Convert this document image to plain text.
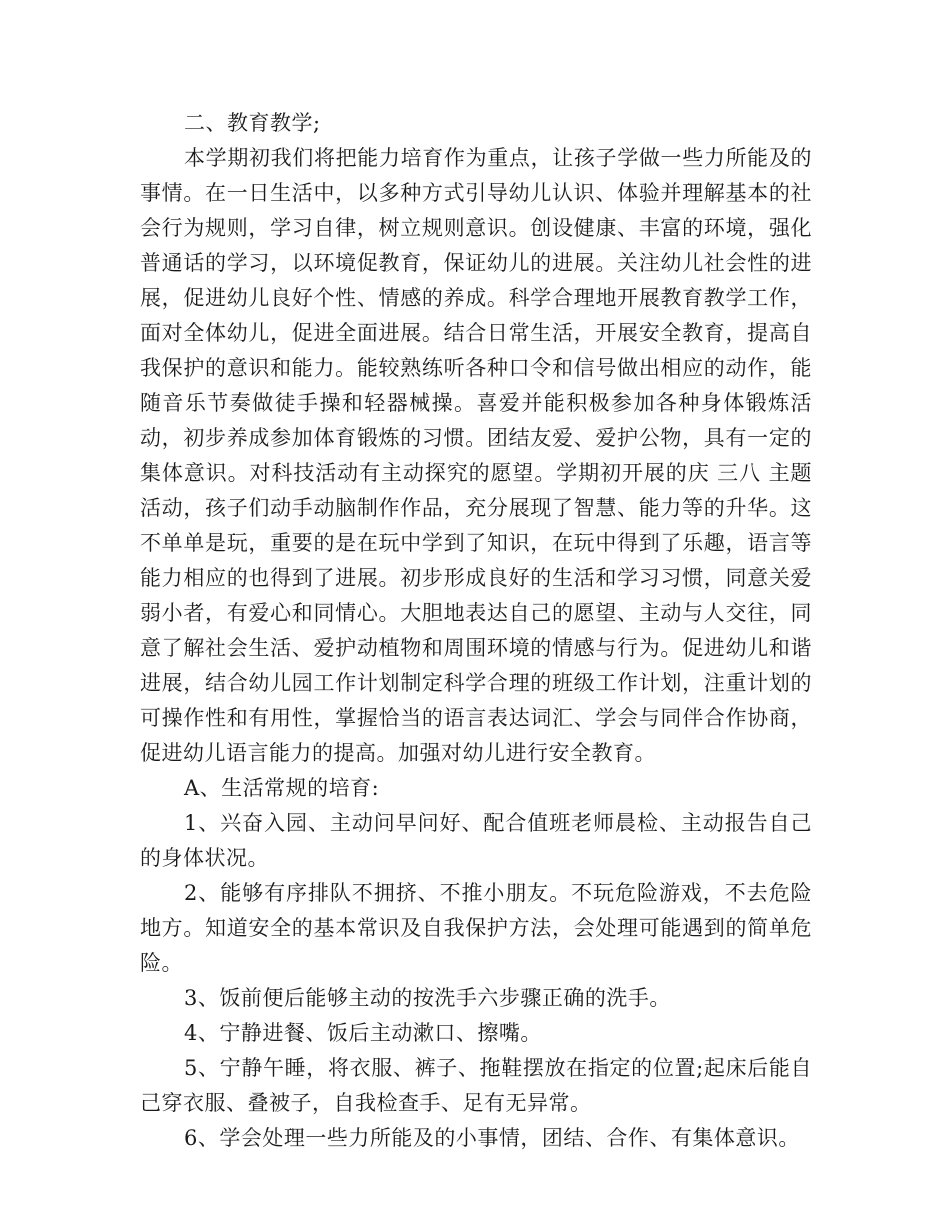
二、教育教学;

本学期初我们将把能力培育作为重点，让孩子学做一些力所能及的事情。在一日生活中，以多种方式引导幼儿认识、体验并理解基本的社会行为规则，学习自律，树立规则意识。创设健康、丰富的环境，强化普通话的学习，以环境促教育，保证幼儿的进展。关注幼儿社会性的进展，促进幼儿良好个性、情感的养成。科学合理地开展教育教学工作，面对全体幼儿，促进全面进展。结合日常生活，开展安全教育，提高自我保护的意识和能力。能较熟练听各种口令和信号做出相应的动作，能随音乐节奏做徒手操和轻器械操。喜爱并能积极参加各种身体锻炼活动，初步养成参加体育锻炼的习惯。团结友爱、爱护公物，具有一定的集体意识。对科技活动有主动探究的愿望。学期初开展的庆 三八 主题活动，孩子们动手动脑制作作品，充分展现了智慧、能力等的升华。这不单单是玩，重要的是在玩中学到了知识，在玩中得到了乐趣，语言等能力相应的也得到了进展。初步形成良好的生活和学习习惯，同意关爱弱小者，有爱心和同情心。大胆地表达自己的愿望、主动与人交往，同意了解社会生活、爱护动植物和周围环境的情感与行为。促进幼儿和谐进展，结合幼儿园工作计划制定科学合理的班级工作计划，注重计划的可操作性和有用性，掌握恰当的语言表达词汇、学会与同伴合作协商，促进幼儿语言能力的提高。加强对幼儿进行安全教育。

A、生活常规的培育:

1、兴奋入园、主动问早问好、配合值班老师晨检、主动报告自己的身体状况。

2、能够有序排队不拥挤、不推小朋友。不玩危险游戏，不去危险地方。知道安全的基本常识及自我保护方法，会处理可能遇到的简单危险。

3、饭前便后能够主动的按洗手六步骤正确的洗手。

4、宁静进餐、饭后主动漱口、擦嘴。

5、宁静午睡，将衣服、裤子、拖鞋摆放在指定的位置;起床后能自己穿衣服、叠被子，自我检查手、足有无异常。

6、学会处理一些力所能及的小事情，团结、合作、有集体意识。
